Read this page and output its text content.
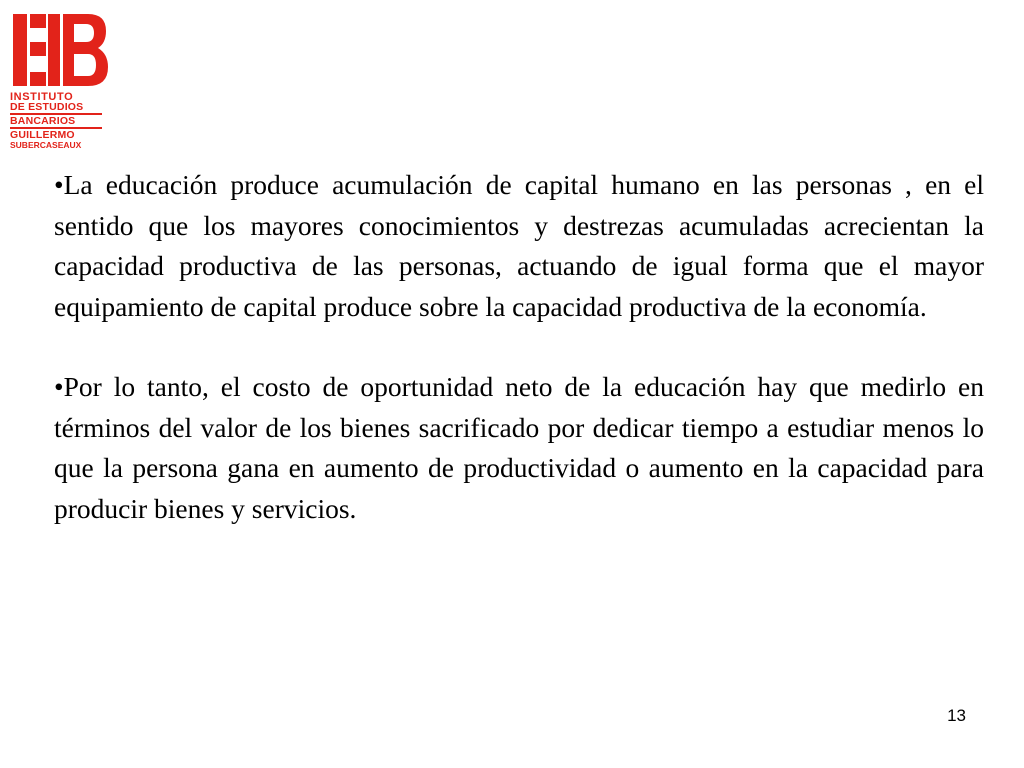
INSTITUTO
DE ESTUDIOS
BANCARIOS
GUILLERMO
SUBERCASEAUX

•La educación produce acumulación de capital humano en las personas , en el sentido que los mayores conocimientos y destrezas acumuladas acrecientan la capacidad productiva de las personas, actuando de igual forma que el mayor equipamiento de capital produce sobre la capacidad productiva de la economía.

•Por lo tanto, el costo de oportunidad neto de la educación hay que medirlo en términos del valor de los bienes sacrificado por dedicar tiempo a estudiar menos lo que la persona gana en aumento de productividad o aumento en la capacidad para producir bienes y servicios.

13
